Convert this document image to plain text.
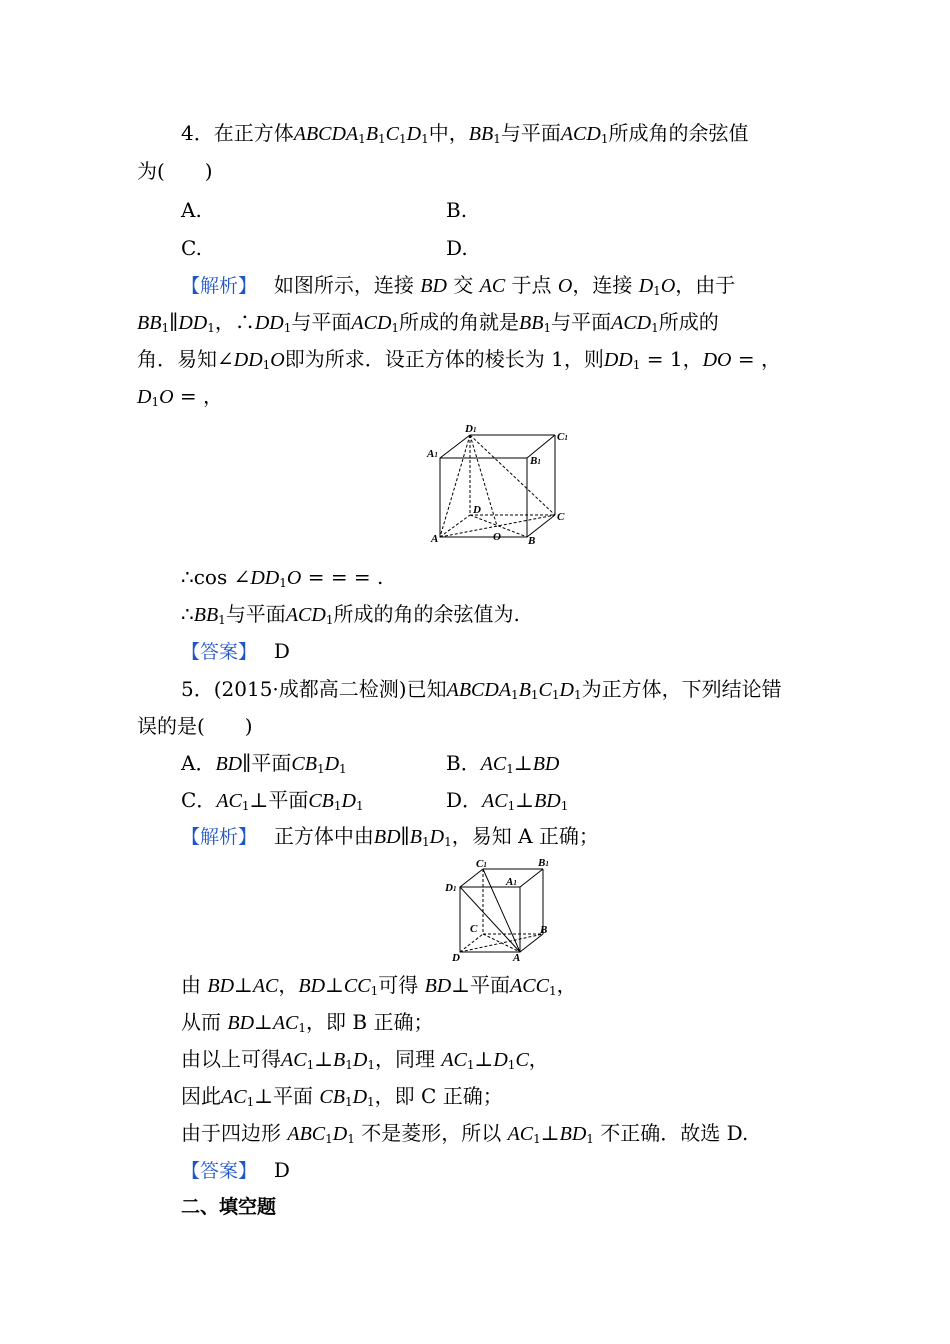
4．在正方体$ABCDA_1B_1C_1D_1$中，$BB_1$与平面$ACD_1$所成角的余弦值
为(　　)
A.	B.
C.	D.
【解析】　 如图所示，连接 BD 交 AC 于点 O，连接 $D_1O$，由于
$BB_1\parallel DD_1$，$\therefore DD_1$与平面$ACD_1$所成的角就是$BB_1$与平面$ACD_1$所成的
角．易知$\angle DD_1O$即为所求．设正方体的棱长为 1，则$DD_1 = 1$，DO = ，
$D_1O$ = ，
D1
C1
A1	B1
D
C
A	O B
∴cos $\angle DD_1O$ = = = .
$\therefore BB_1$与平面$ACD_1$所成的角的余弦值为.
【答案】　 D
5．(2015·成都高二检测)已知$ABCDA_1B_1C_1D_1$为正方体，下列结论错
误的是(　　)
A．BD∥平面$CB_1D_1$	B．$AC_1\perp BD$
C．$AC_1\perp$平面$CB_1D_1$	D．$AC_1\perp BD_1$
【解析】　 正方体中由$BD\parallel B_1D_1$，易知 A 正确；
C1	B1
D1
A1
C	B
D	A
由 BD⊥AC，$BD\perp CC_1$可得 BD⊥平面$ACC_1$，
从而 $BD\perp AC_1$，即 B 正确；
由以上可得$AC_1\perp B_1D_1$，同理 $AC_1\perp D_1C$，
因此$AC_1\perp$平面 $CB_1D_1$，即 C 正确；
由于四边形 $ABC_1D_1$ 不是菱形，所以 $AC_1\perp BD_1$ 不正确．故选 D.
【答案】　 D
二、填空题
